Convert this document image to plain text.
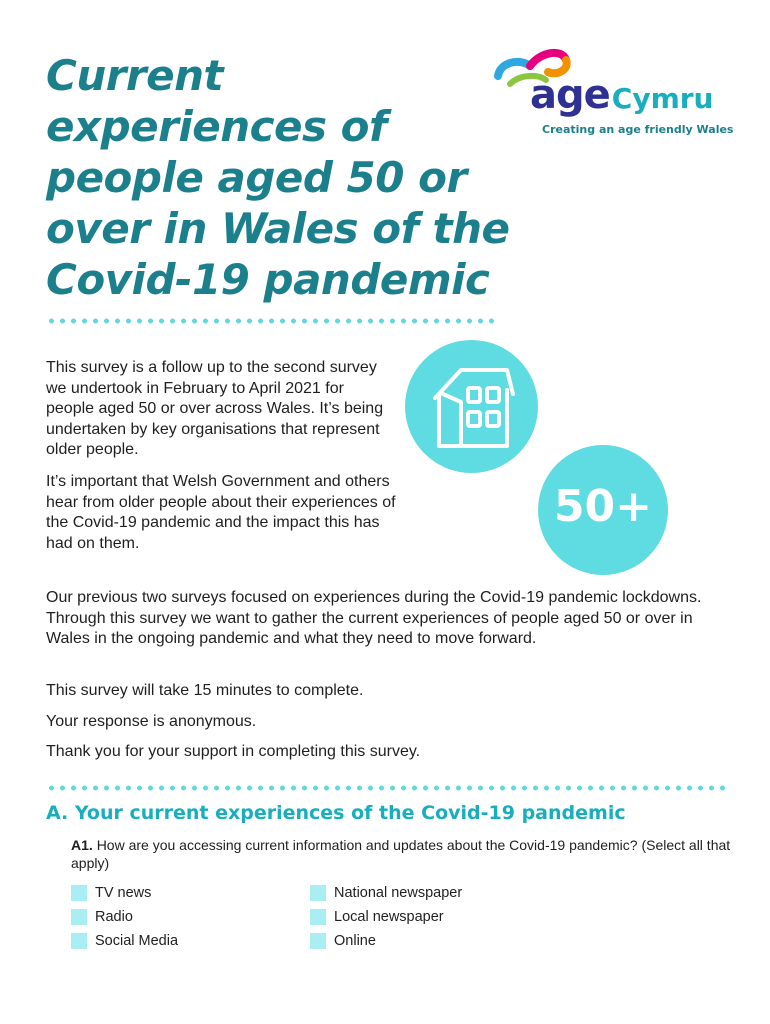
Current experiences of people aged 50 or over in Wales of the Covid-19 pandemic
ageCymru
Creating an age friendly Wales
This survey is a follow up to the second survey we undertook in February to April 2021 for people aged 50 or over across Wales. It’s being undertaken by key organisations that represent older people.
It’s important that Welsh Government and others hear from older people about their experiences of the Covid-19 pandemic and the impact this has had on them.
50+
Our previous two surveys focused on experiences during the Covid-19 pandemic lockdowns. Through this survey we want to gather the current experiences of people aged 50 or over in Wales in the ongoing pandemic and what they need to move forward.
This survey will take 15 minutes to complete.
Your response is anonymous.
Thank you for your support in completing this survey.
A. Your current experiences of the Covid-19 pandemic
A1. How are you accessing current information and updates about the Covid-19 pandemic? (Select all that apply)
TV news
Radio
Social Media
National newspaper
Local newspaper
Online
